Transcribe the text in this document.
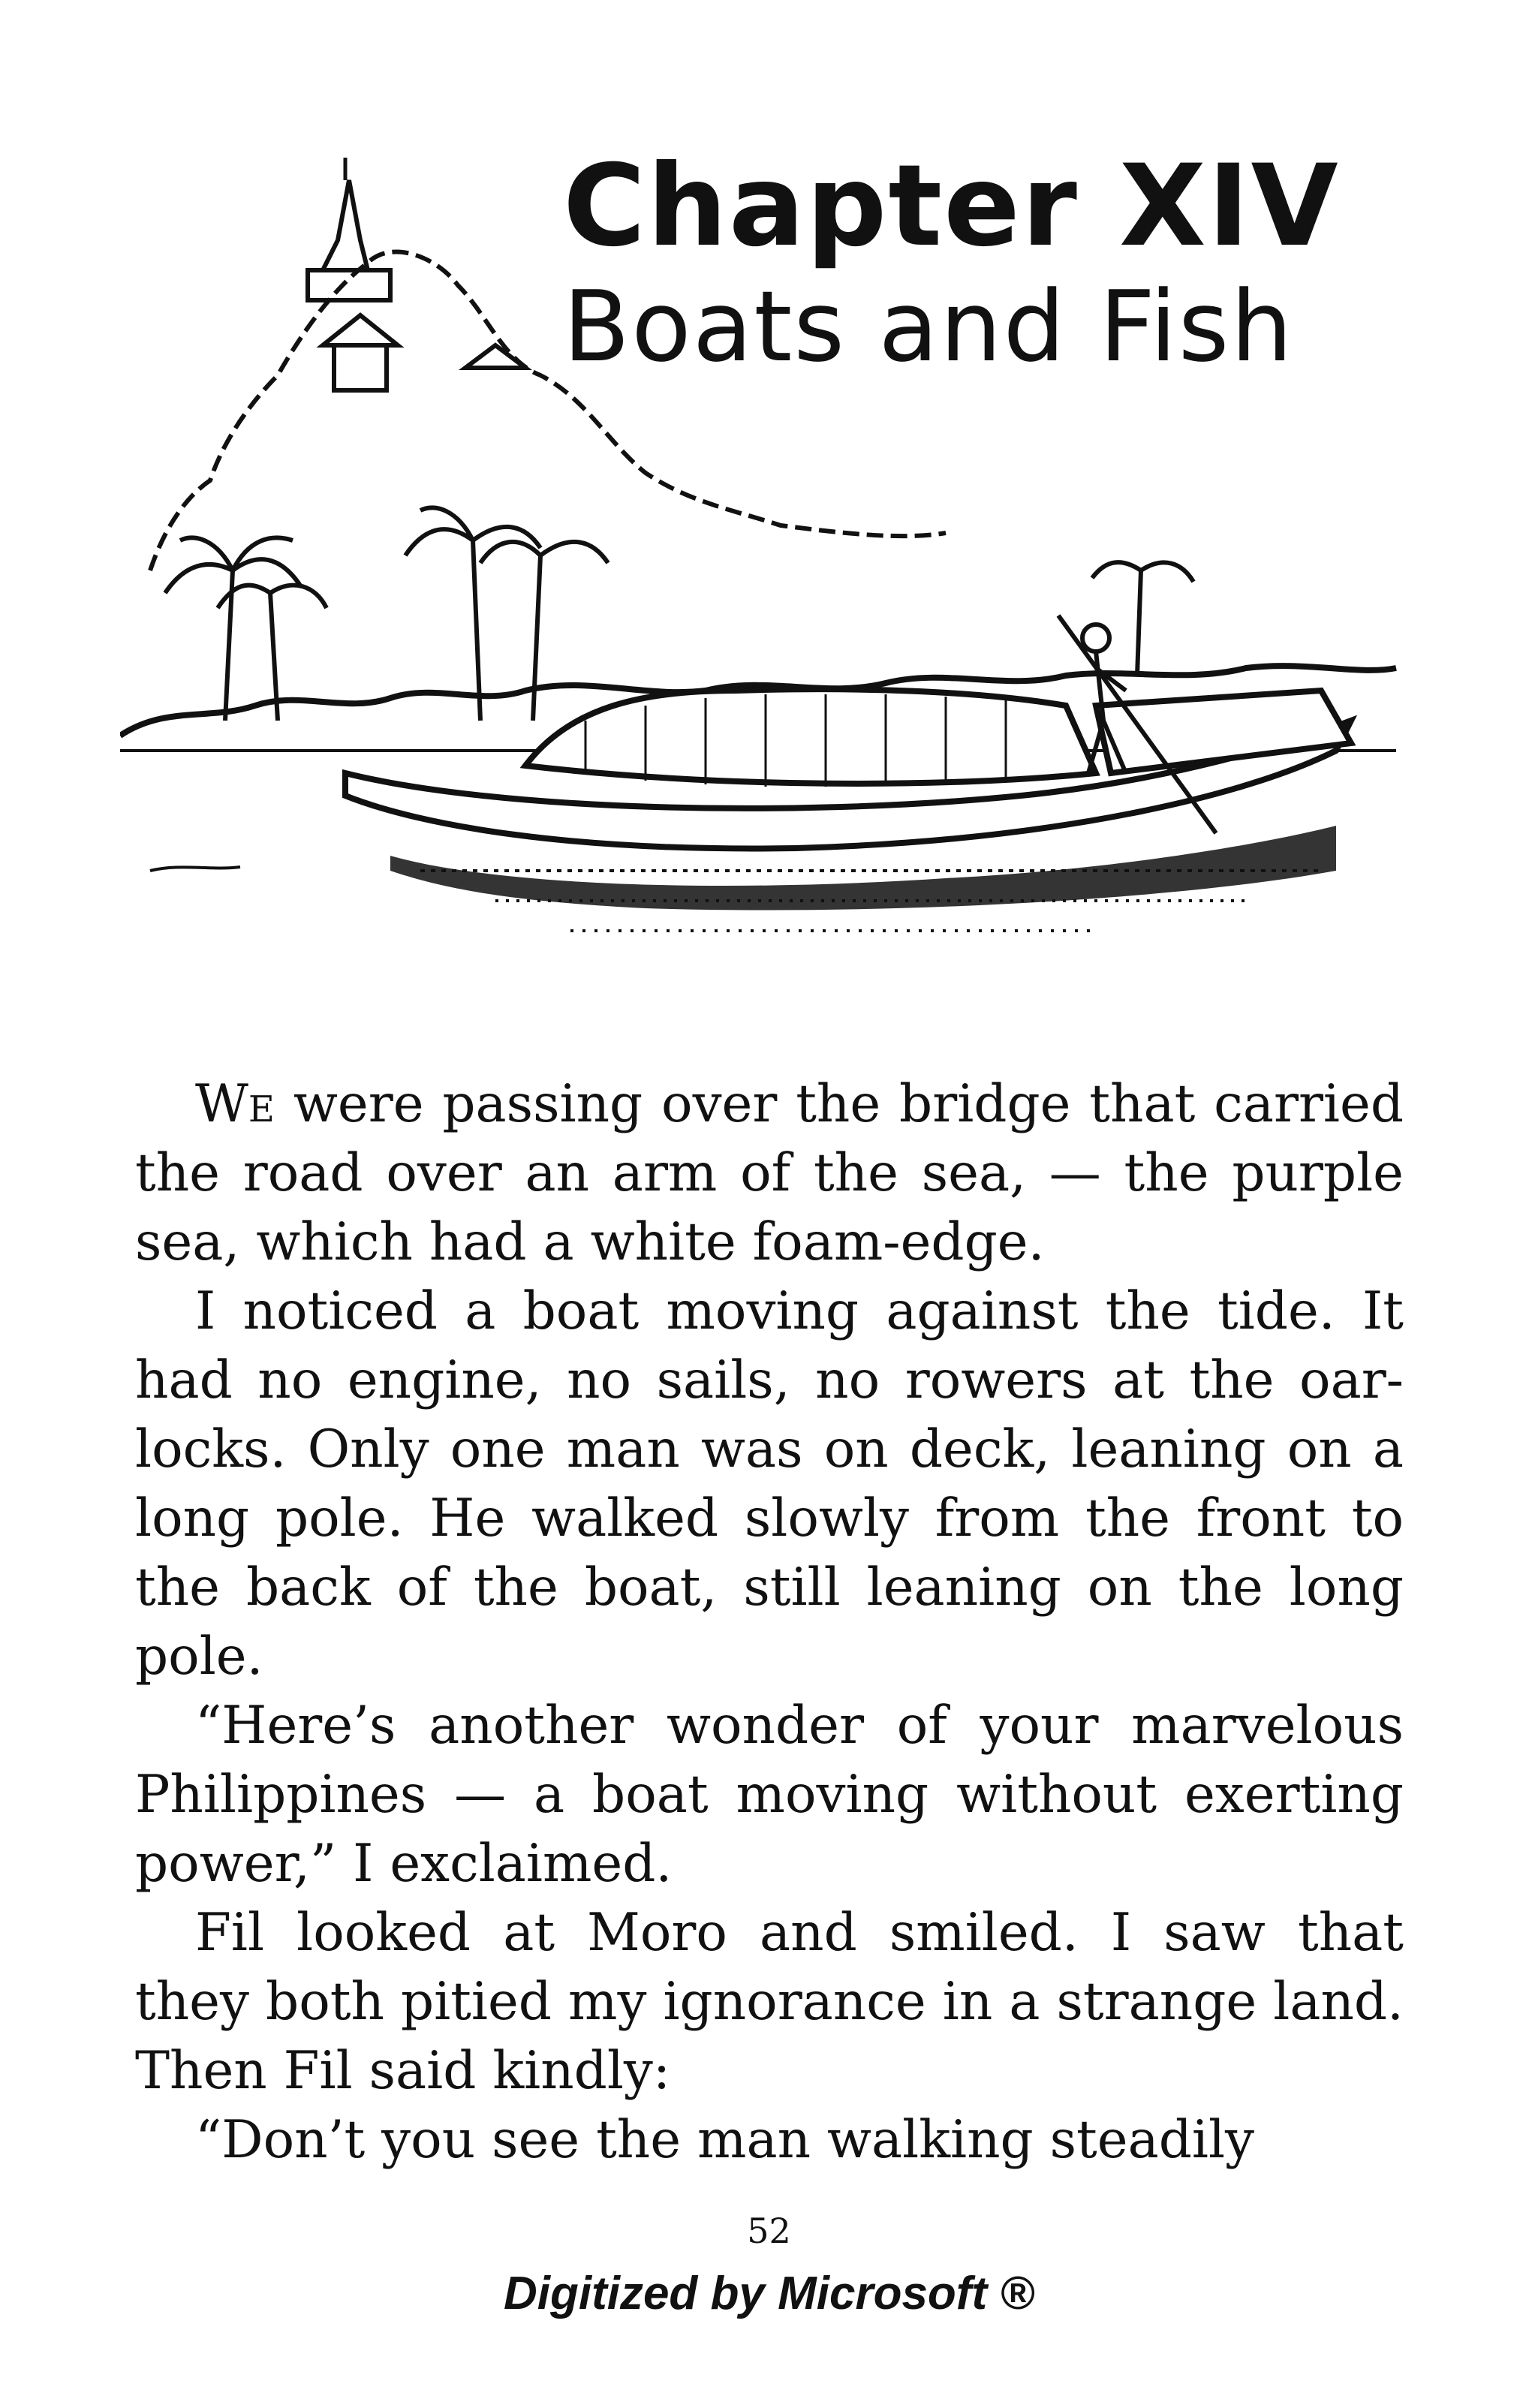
Chapter XIV
Boats and Fish

We were passing over the bridge that carried the road over an arm of the sea, — the purple sea, which had a white foam-edge.

I noticed a boat moving against the tide. It had no engine, no sails, no rowers at the oar-locks. Only one man was on deck, leaning on a long pole. He walked slowly from the front to the back of the boat, still leaning on the long pole.

“Here’s another wonder of your marvelous Philippines — a boat moving without exerting power,” I exclaimed.

Fil looked at Moro and smiled. I saw that they both pitied my ignorance in a strange land. Then Fil said kindly:

“Don’t you see the man walking steadily

52
Digitized by Microsoft ®
